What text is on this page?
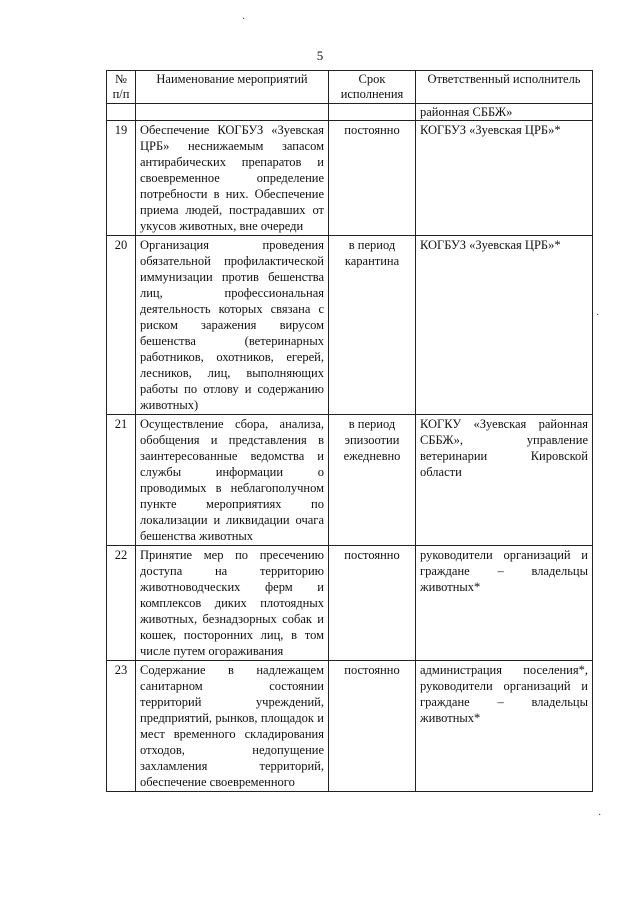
5
№ п/п	Наименование мероприятий	Срок исполнения	Ответственный исполнитель
			районная СББЖ»
19	Обеспечение КОГБУЗ «Зуевская ЦРБ» неснижаемым запасом антирабических препаратов и своевременное определение потребности в них. Обеспечение приема людей, пострадавших от укусов животных, вне очереди	постоянно	КОГБУЗ «Зуевская ЦРБ»*
20	Организация проведения обязательной профилактической иммунизации против бешенства лиц, профессиональная деятельность которых связана с риском заражения вирусом бешенства (ветеринарных работников, охотников, егерей, лесников, лиц, выполняющих работы по отлову и содержанию животных)	в период карантина	КОГБУЗ «Зуевская ЦРБ»*
21	Осуществление сбора, анализа, обобщения и представления в заинтересованные ведомства и службы информации о проводимых в неблагополучном пункте мероприятиях по локализации и ликвидации очага бешенства животных	в период эпизоотии ежедневно	КОГКУ «Зуевская районная СББЖ», управление ветеринарии Кировской области
22	Принятие мер по пресечению доступа на территорию животноводческих ферм и комплексов диких плотоядных животных, безнадзорных собак и кошек, посторонних лиц, в том числе путем огораживания	постоянно	руководители организаций и граждане – владельцы животных*
23	Содержание в надлежащем санитарном состоянии территорий учреждений, предприятий, рынков, площадок и мест временного складирования отходов, недопущение захламления территорий, обеспечение своевременного	постоянно	администрация поселения*, руководители организаций и граждане – владельцы животных*
·
·
·
